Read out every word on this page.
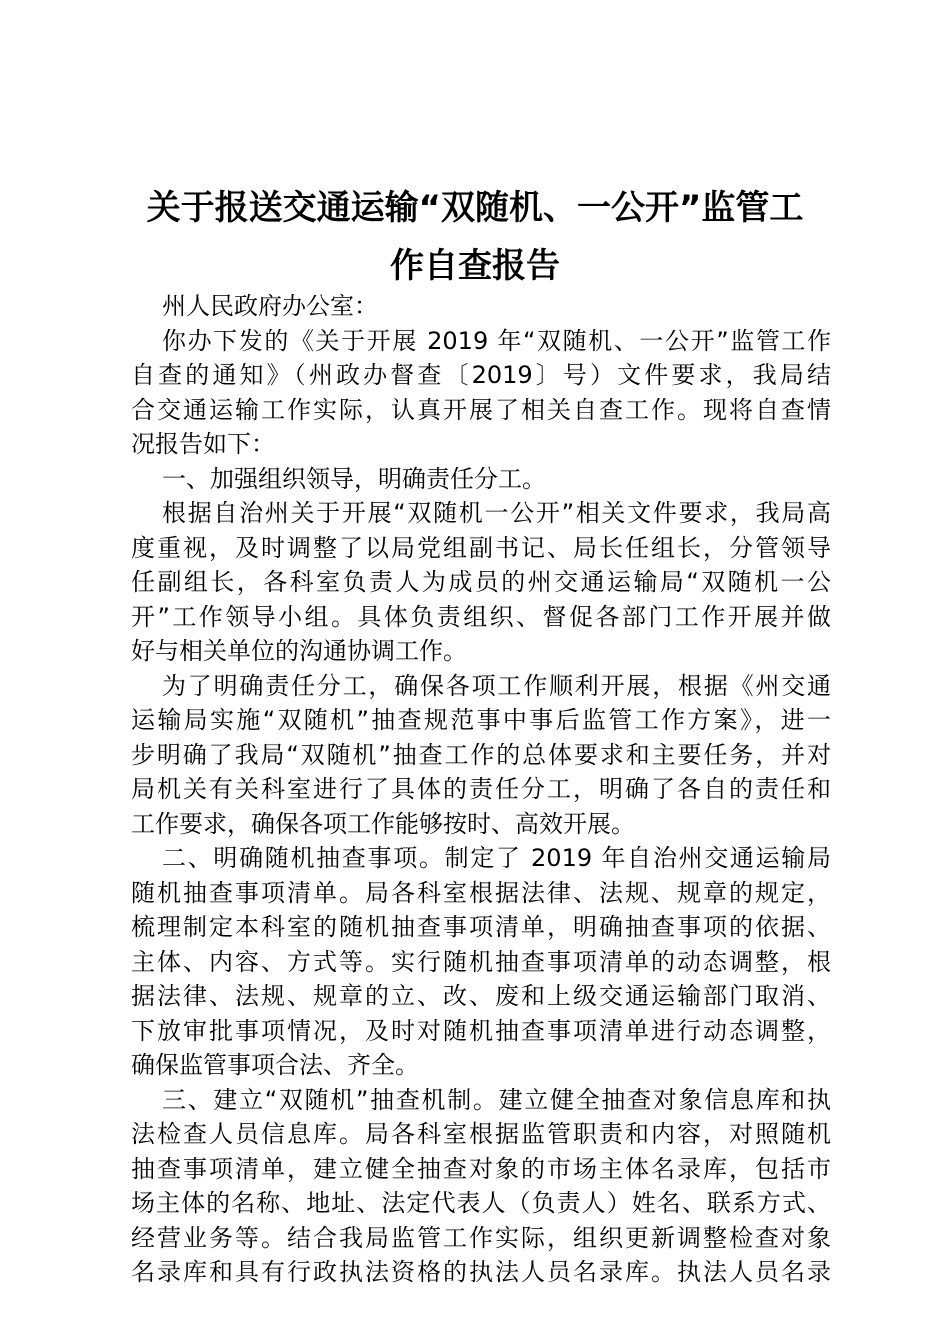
关于报送交通运输“双随机、一公开”监管工
作自查报告
州人民政府办公室：
你办下发的《关于开展 2019 年“双随机、一公开”监管工作
自查的通知》（州政办督查〔2019〕号）文件要求，我局结
合交通运输工作实际，认真开展了相关自查工作。现将自查情
况报告如下：
一、加强组织领导，明确责任分工。
根据自治州关于开展“双随机一公开”相关文件要求，我局高
度重视，及时调整了以局党组副书记、局长任组长，分管领导
任副组长，各科室负责人为成员的州交通运输局“双随机一公
开”工作领导小组。具体负责组织、督促各部门工作开展并做
好与相关单位的沟通协调工作。
为了明确责任分工，确保各项工作顺利开展，根据《州交通
运输局实施“双随机”抽查规范事中事后监管工作方案》，进一
步明确了我局“双随机”抽查工作的总体要求和主要任务，并对
局机关有关科室进行了具体的责任分工，明确了各自的责任和
工作要求，确保各项工作能够按时、高效开展。
二、明确随机抽查事项。制定了 2019 年自治州交通运输局
随机抽查事项清单。局各科室根据法律、法规、规章的规定，
梳理制定本科室的随机抽查事项清单，明确抽查事项的依据、
主体、内容、方式等。实行随机抽查事项清单的动态调整，根
据法律、法规、规章的立、改、废和上级交通运输部门取消、
下放审批事项情况，及时对随机抽查事项清单进行动态调整，
确保监管事项合法、齐全。
三、建立“双随机”抽查机制。建立健全抽查对象信息库和执
法检查人员信息库。局各科室根据监管职责和内容，对照随机
抽查事项清单，建立健全抽查对象的市场主体名录库，包括市
场主体的名称、地址、法定代表人（负责人）姓名、联系方式、
经营业务等。结合我局监管工作实际，组织更新调整检查对象
名录库和具有行政执法资格的执法人员名录库。执法人员名录
